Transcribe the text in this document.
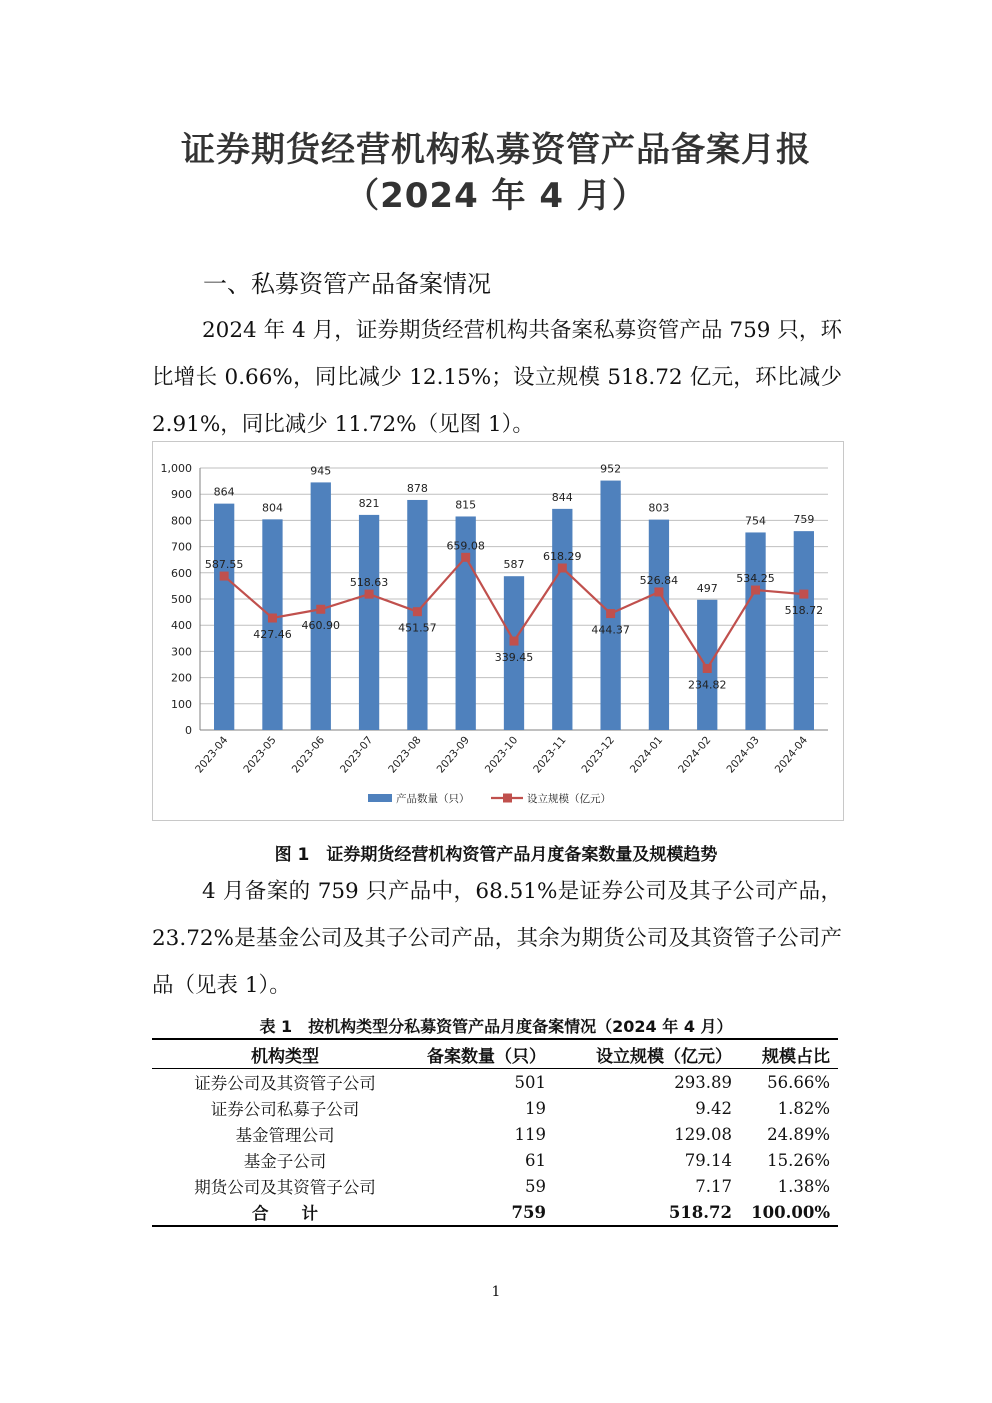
证券期货经营机构私募资管产品备案月报
（2024 年 4 月）
一、私募资管产品备案情况
2024 年 4 月，证券期货经营机构共备案私募资管产品 759 只，环比增长 0.66%，同比减少 12.15%；设立规模 518.72 亿元，环比减少 2.91%，同比减少 11.72%（见图 1）。
0
100
200
300
400
500
600
700
800
900
1,000
864
804
945
821
878
815
587
844
952
803
497
754 759
587.55
427.46
460.90
518.63
451.57
659.08
339.45
618.29
444.37
526.84
234.82
534.25
518.72
2023-04 2023-05 2023-06 2023-07 2023-08 2023-09 2023-10 2023-11 2023-12 2024-01 2024-02 2024-03 2024-04
产品数量（只）	设立规模（亿元）
图 1　证券期货经营机构资管产品月度备案数量及规模趋势
4 月备案的 759 只产品中，68.51%是证券公司及其子公司产品，23.72%是基金公司及其子公司产品，其余为期货公司及其资管子公司产品（见表 1）。
表 1　按机构类型分私募资管产品月度备案情况（2024 年 4 月）
机构类型	备案数量（只）	设立规模（亿元）	规模占比
证券公司及其资管子公司	501	293.89	56.66%
证券公司私募子公司	19	9.42	1.82%
基金管理公司	119	129.08	24.89%
基金子公司	61	79.14	15.26%
期货公司及其资管子公司	59	7.17	1.38%
合　　计	759	518.72	100.00%
1
